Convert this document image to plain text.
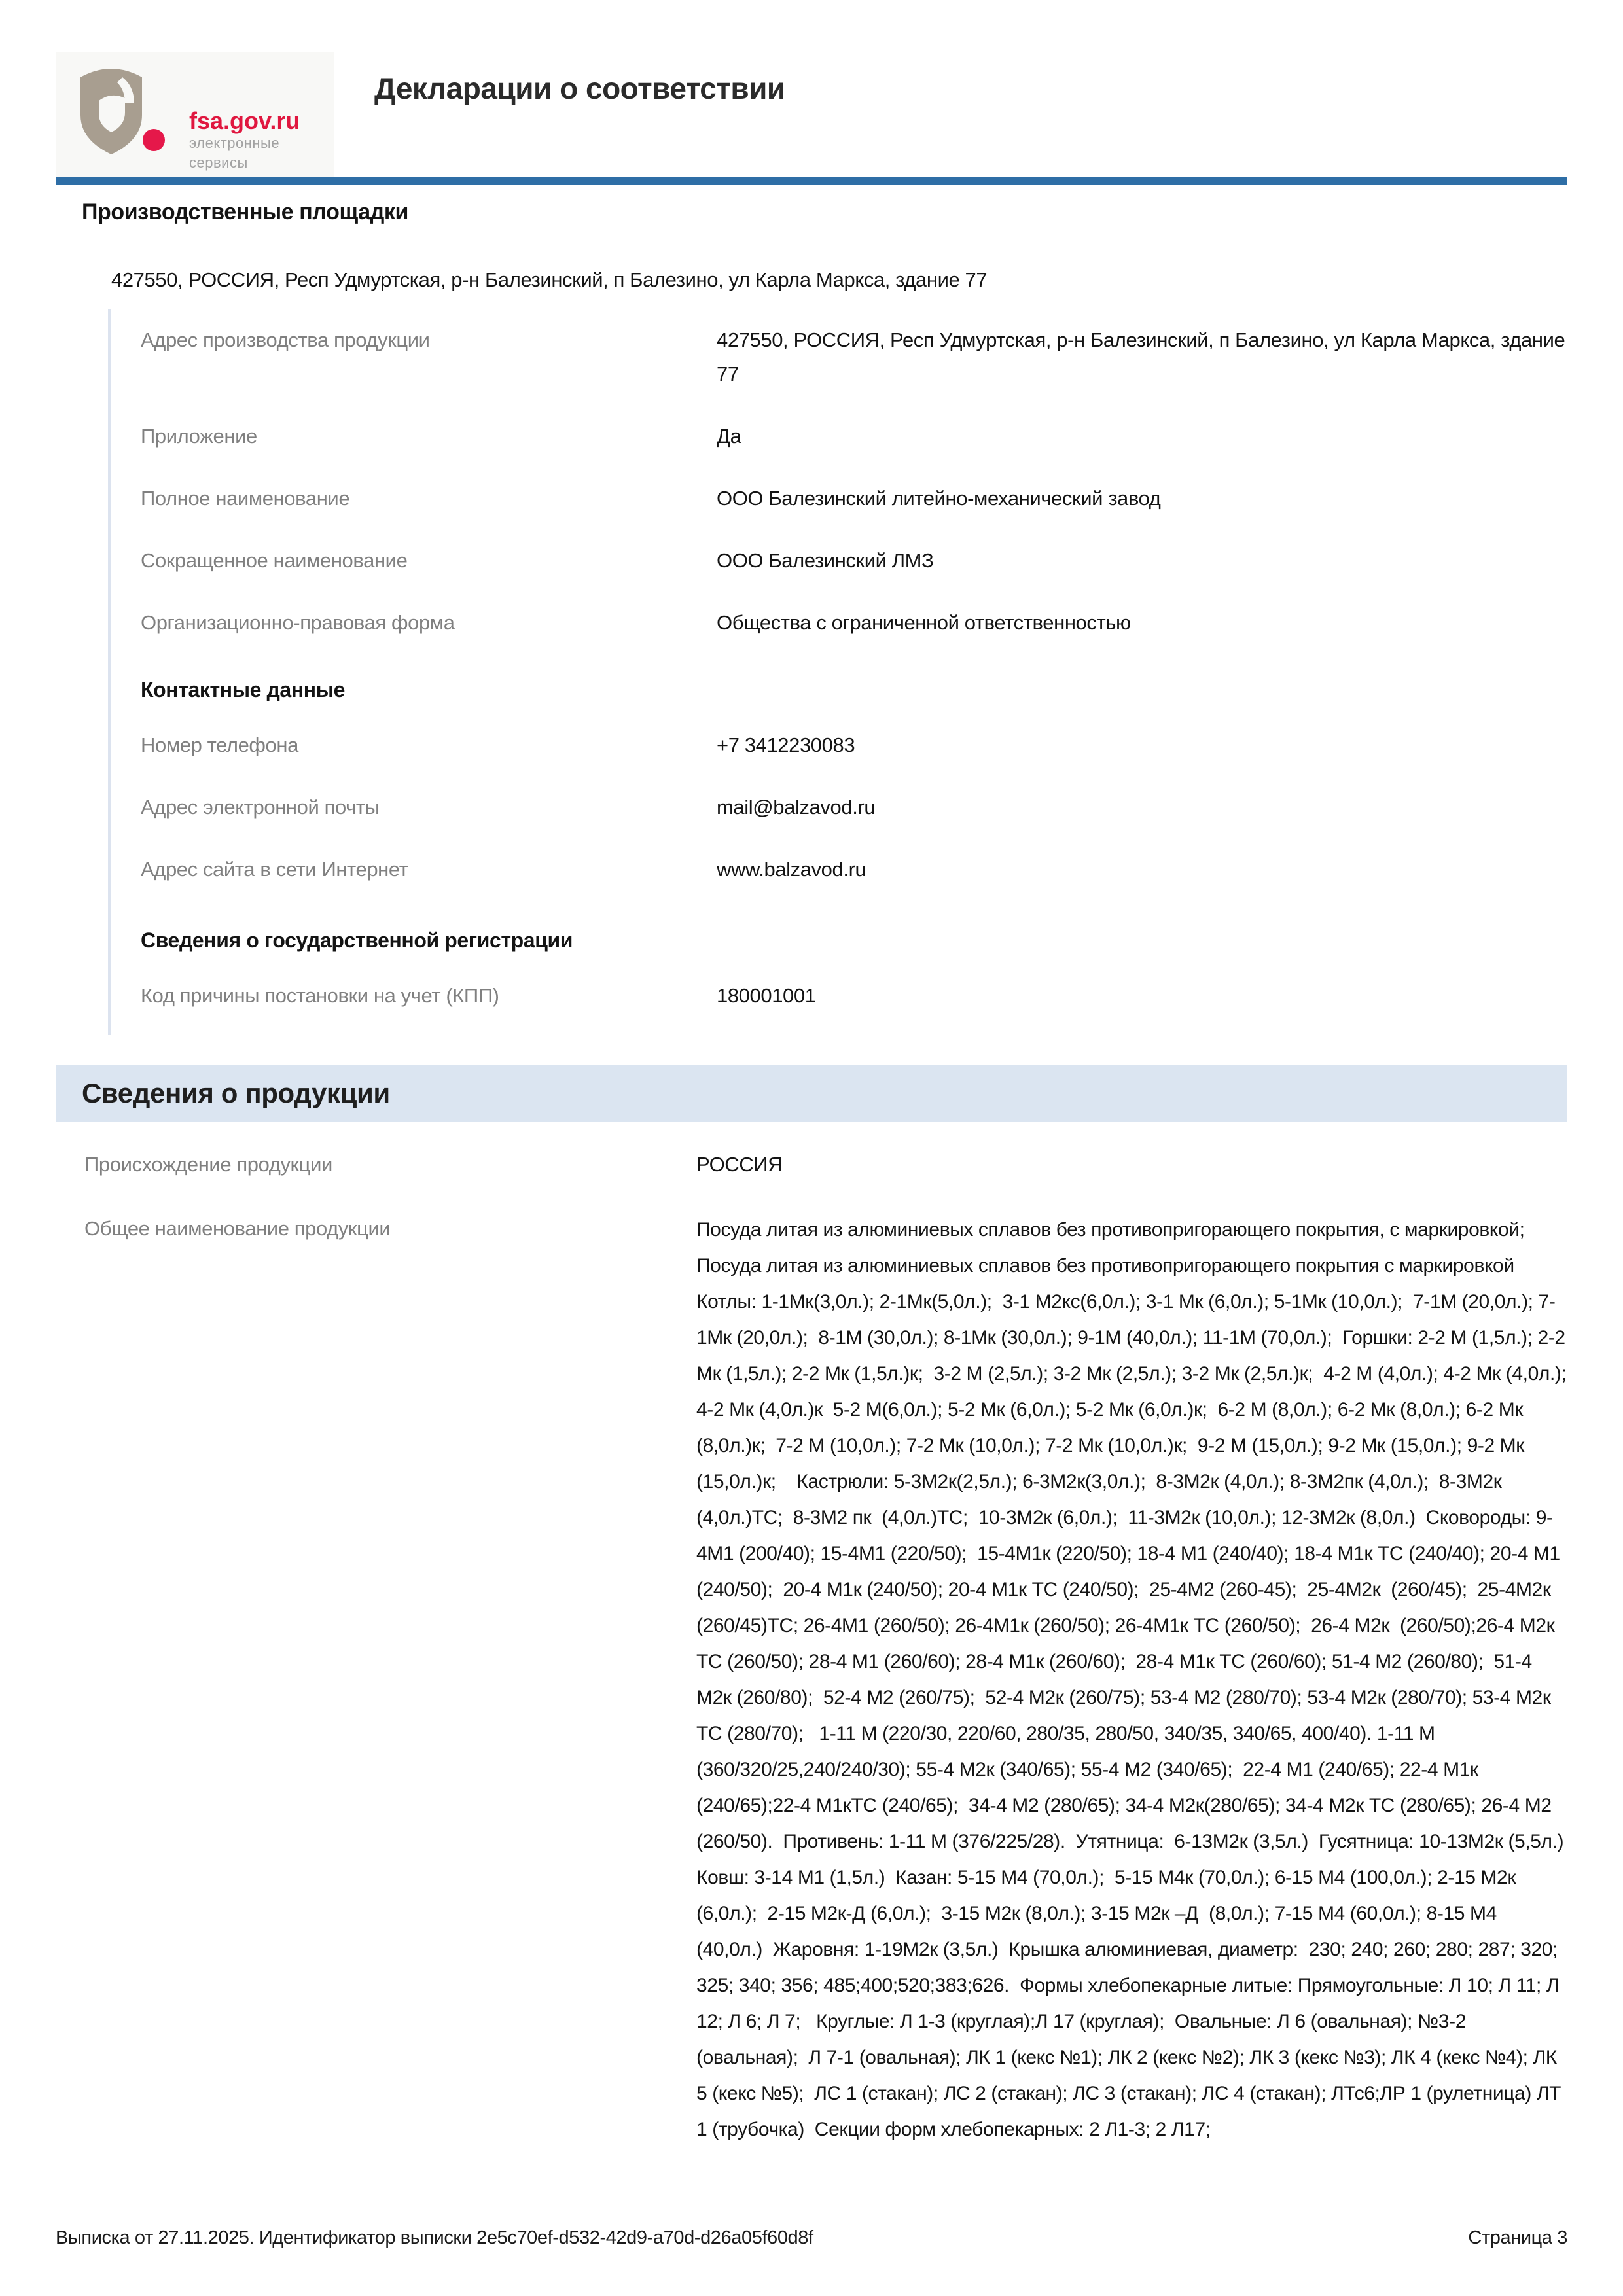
fsa.gov.ru
электронные сервисы
Декларации о соответствии
Производственные площадки
427550, РОССИЯ, Респ Удмуртская, р-н Балезинский, п Балезино, ул Карла Маркса, здание 77
Адрес производства продукции	427550, РОССИЯ, Респ Удмуртская, р-н Балезинский, п Балезино, ул Карла Маркса, здание 77
Приложение	Да
Полное наименование	ООО Балезинский литейно-механический завод
Сокращенное наименование	ООО Балезинский ЛМЗ
Организационно-правовая форма	Общества с ограниченной ответственностью
Контактные данные
Номер телефона	+7 3412230083
Адрес электронной почты	mail@balzavod.ru
Адрес сайта в сети Интернет	www.balzavod.ru
Сведения о государственной регистрации
Код причины постановки на учет (КПП)	180001001
Сведения о продукции
Происхождение продукции	РОССИЯ
Общее наименование продукции	Посуда литая из алюминиевых сплавов без противопригорающего покрытия, с маркировкой; Посуда литая из алюминиевых сплавов без противопригорающего покрытия с маркировкой   Котлы: 1-1Мк(3,0л.); 2-1Мк(5,0л.);  3-1 М2кс(6,0л.); 3-1 Мк (6,0л.); 5-1Мк (10,0л.);  7-1М (20,0л.); 7-1Мк (20,0л.);  8-1М (30,0л.); 8-1Мк (30,0л.); 9-1М (40,0л.); 11-1М (70,0л.);  Горшки: 2-2 М (1,5л.); 2-2 Мк (1,5л.); 2-2 Мк (1,5л.)к;  3-2 М (2,5л.); 3-2 Мк (2,5л.); 3-2 Мк (2,5л.)к;  4-2 М (4,0л.); 4-2 Мк (4,0л.); 4-2 Мк (4,0л.)к  5-2 М(6,0л.); 5-2 Мк (6,0л.); 5-2 Мк (6,0л.)к;  6-2 М (8,0л.); 6-2 Мк (8,0л.); 6-2 Мк (8,0л.)к;  7-2 М (10,0л.); 7-2 Мк (10,0л.); 7-2 Мк (10,0л.)к;  9-2 М (15,0л.); 9-2 Мк (15,0л.); 9-2 Мк (15,0л.)к;    Кастрюли: 5-3М2к(2,5л.); 6-3М2к(3,0л.);  8-3М2к (4,0л.); 8-3М2пк (4,0л.);  8-3М2к (4,0л.)ТС;  8-3М2 пк  (4,0л.)ТС;  10-3М2к (6,0л.);  11-3М2к (10,0л.); 12-3М2к (8,0л.)  Сковороды: 9-4М1 (200/40); 15-4М1 (220/50);  15-4М1к (220/50); 18-4 М1 (240/40); 18-4 М1к ТС (240/40); 20-4 М1 (240/50);  20-4 М1к (240/50); 20-4 М1к ТС (240/50);  25-4М2 (260-45);  25-4М2к  (260/45);  25-4М2к (260/45)ТС; 26-4М1 (260/50); 26-4М1к (260/50); 26-4М1к ТС (260/50);  26-4 М2к  (260/50);26-4 М2к ТС (260/50); 28-4 М1 (260/60); 28-4 М1к (260/60);  28-4 М1к ТС (260/60); 51-4 М2 (260/80);  51-4 М2к (260/80);  52-4 М2 (260/75);  52-4 М2к (260/75); 53-4 М2 (280/70); 53-4 М2к (280/70); 53-4 М2к ТС (280/70);   1-11 М (220/30, 220/60, 280/35, 280/50, 340/35, 340/65, 400/40). 1-11 М (360/320/25,240/240/30); 55-4 М2к (340/65); 55-4 М2 (340/65);  22-4 М1 (240/65); 22-4 М1к (240/65);22-4 М1кТС (240/65);  34-4 М2 (280/65); 34-4 М2к(280/65); 34-4 М2к ТС (280/65); 26-4 М2 (260/50).  Противень: 1-11 М (376/225/28).  Утятница:  6-13М2к (3,5л.)  Гусятница: 10-13М2к (5,5л.)  Ковш: 3-14 М1 (1,5л.)  Казан: 5-15 М4 (70,0л.);  5-15 М4к (70,0л.); 6-15 М4 (100,0л.); 2-15 М2к (6,0л.);  2-15 М2к-Д (6,0л.);  3-15 М2к (8,0л.); 3-15 М2к –Д  (8,0л.); 7-15 М4 (60,0л.); 8-15 М4 (40,0л.)  Жаровня: 1-19М2к (3,5л.)  Крышка алюминиевая, диаметр:  230; 240; 260; 280; 287; 320; 325; 340; 356; 485;400;520;383;626.  Формы хлебопекарные литые: Прямоугольные: Л 10; Л 11; Л 12; Л 6; Л 7;   Круглые: Л 1-3 (круглая);Л 17 (круглая);  Овальные: Л 6 (овальная); №3-2 (овальная);  Л 7-1 (овальная); ЛК 1 (кекс №1); ЛК 2 (кекс №2); ЛК 3 (кекс №3); ЛК 4 (кекс №4); ЛК 5 (кекс №5);  ЛС 1 (стакан); ЛС 2 (стакан); ЛС 3 (стакан); ЛС 4 (стакан); ЛТс6;ЛР 1 (рулетница) ЛТ 1 (трубочка)  Секции форм хлебопекарных: 2 Л1-3; 2 Л17;
Выписка от 27.11.2025. Идентификатор выписки 2e5c70ef-d532-42d9-a70d-d26a05f60d8f	Страница 3
